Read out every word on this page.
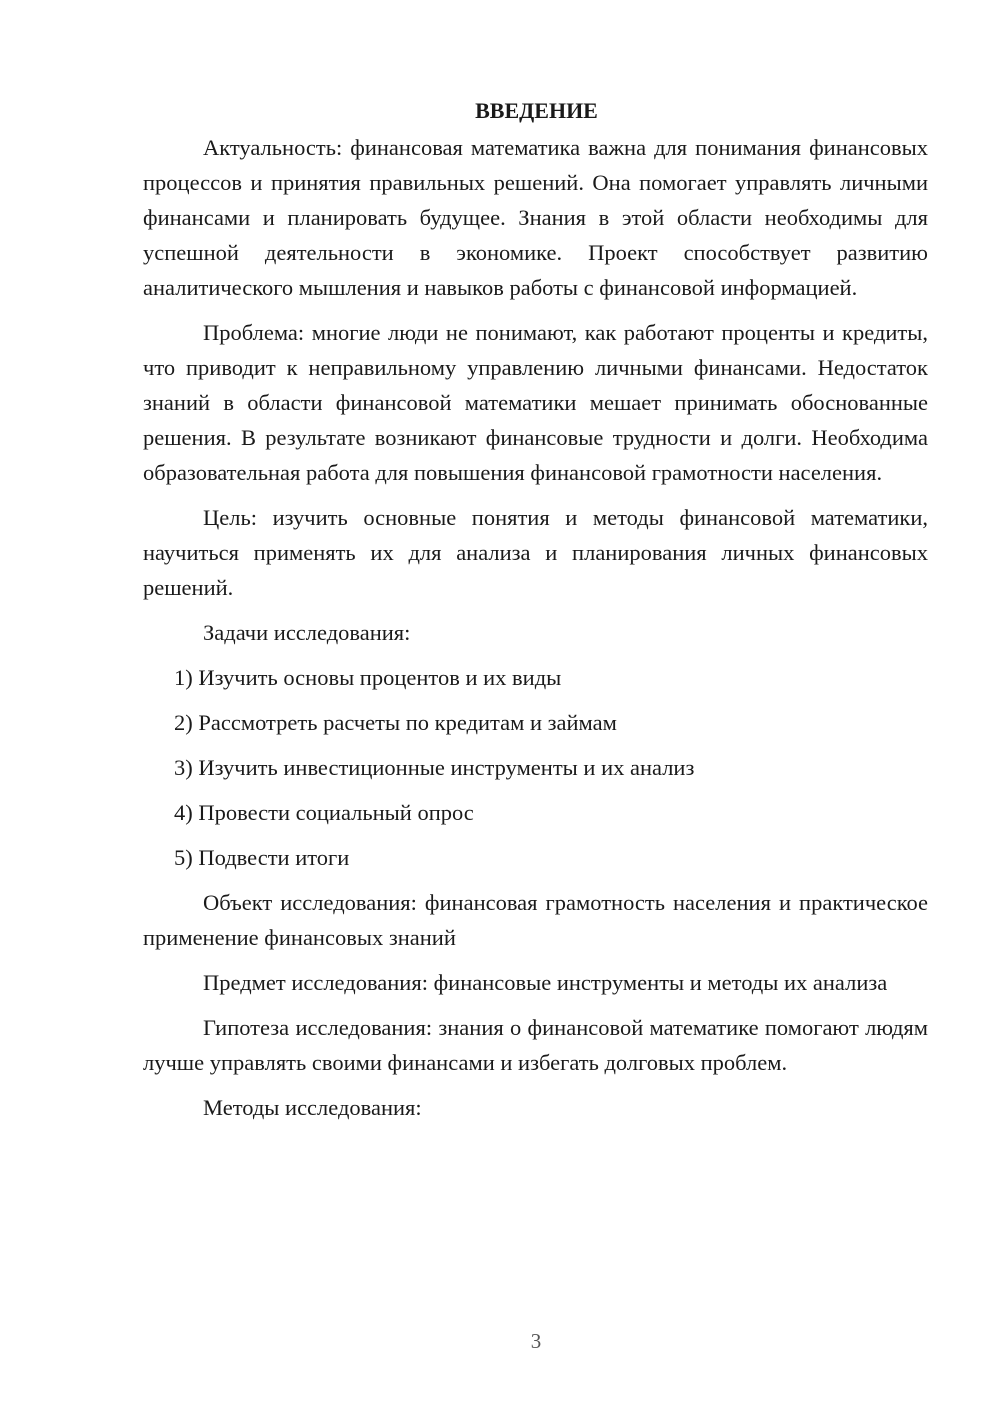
ВВЕДЕНИЕ

Актуальность: финансовая математика важна для понимания финансовых процессов и принятия правильных решений. Она помогает управлять личными финансами и планировать будущее. Знания в этой области необходимы для успешной деятельности в экономике. Проект способствует развитию аналитического мышления и навыков работы с финансовой информацией.

Проблема: многие люди не понимают, как работают проценты и кредиты, что приводит к неправильному управлению личными финансами. Недостаток знаний в области финансовой математики мешает принимать обоснованные решения. В результате возникают финансовые трудности и долги. Необходима образовательная работа для повышения финансовой грамотности населения.

Цель: изучить основные понятия и методы финансовой математики, научиться применять их для анализа и планирования личных финансовых решений.

Задачи исследования:

1) Изучить основы процентов и их виды
2) Рассмотреть расчеты по кредитам и займам
3) Изучить инвестиционные инструменты и их анализ
4) Провести социальный опрос
5) Подвести итоги

Объект исследования: финансовая грамотность населения и практическое применение финансовых знаний

Предмет исследования: финансовые инструменты и методы их анализа

Гипотеза исследования: знания о финансовой математике помогают людям лучше управлять своими финансами и избегать долговых проблем.

Методы исследования:

3
